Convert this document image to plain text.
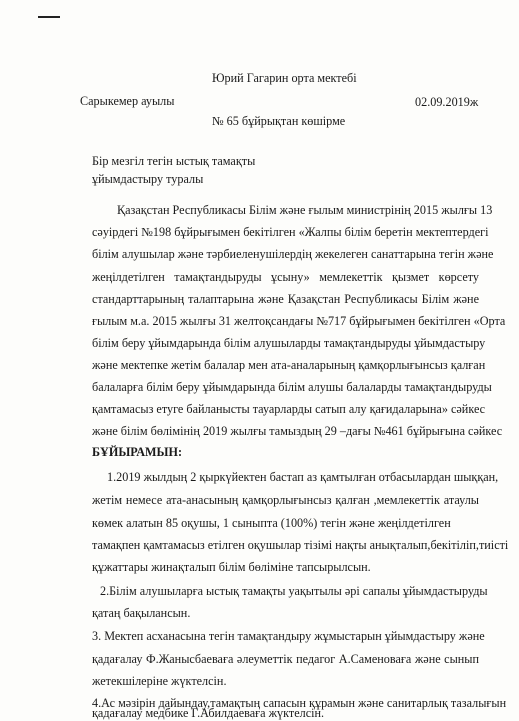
Юрий Гагарин орта мектебі
Сарыкемер ауылы	02.09.2019ж
№ 65 бұйрықтан көшірме
Бір мезгіл тегін ыстық тамақты
ұйымдастыру туралы
Қазақстан Республикасы Білім және ғылым министрінің 2015 жылғы 13
сәуірдегі №198 бұйрығымен бекітілген «Жалпы білім беретін мектептердегі
білім алушылар және тәрбиеленушілердің жекелеген санаттарына тегін және
жеңілдетілген тамақтандыруды ұсыну» мемлекеттік қызмет көрсету
стандарттарының талаптарына және Қазақстан Республикасы Білім және
ғылым м.а. 2015 жылғы 31 желтоқсандағы №717 бұйрығымен бекітілген «Орта
білім беру ұйымдарында білім алушыларды тамақтандыруды ұйымдастыру
және мектепке жетім балалар мен ата-аналарының қамқорлығынсыз қалған
балаларға білім беру ұйымдарында білім алушы балаларды тамақтандыруды
қамтамасыз етуге байланысты тауарларды сатып алу қағидаларына» сәйкес
және білім бөлімінің 2019 жылғы тамыздың 29 –дағы №461 бұйрығына сәйкес
БҰЙЫРАМЫН:
1.2019 жылдың 2 қыркүйектен бастап аз қамтылған отбасылардан шыққан,
жетім немесе ата-анасының қамқорлығынсыз қалған ,мемлекеттік атаулы
көмек алатын 85 оқушы, 1 сыныпта (100%) тегін және жеңілдетілген
тамақпен қамтамасыз етілген оқушылар тізімі нақты анықталып,бекітіліп,тиісті
құжаттары жинақталып білім бөліміне тапсырылсын.
2.Білім алушыларға ыстық тамақты уақытылы әрі сапалы ұйымдастыруды
қатаң бақылансын.
3. Мектеп асханасына тегін тамақтандыру жұмыстарын ұйымдастыру және
қадағалау Ф.Жанысбаеваға әлеуметтік педагог А.Саменоваға және сынып
жетекшілеріне жүктелсін.
4.Ас мәзірін дайындау,тамақтың сапасын құрамын және санитарлық тазалығын
қадағалау медбике Г.Абилдаеваға жүктелсін.
